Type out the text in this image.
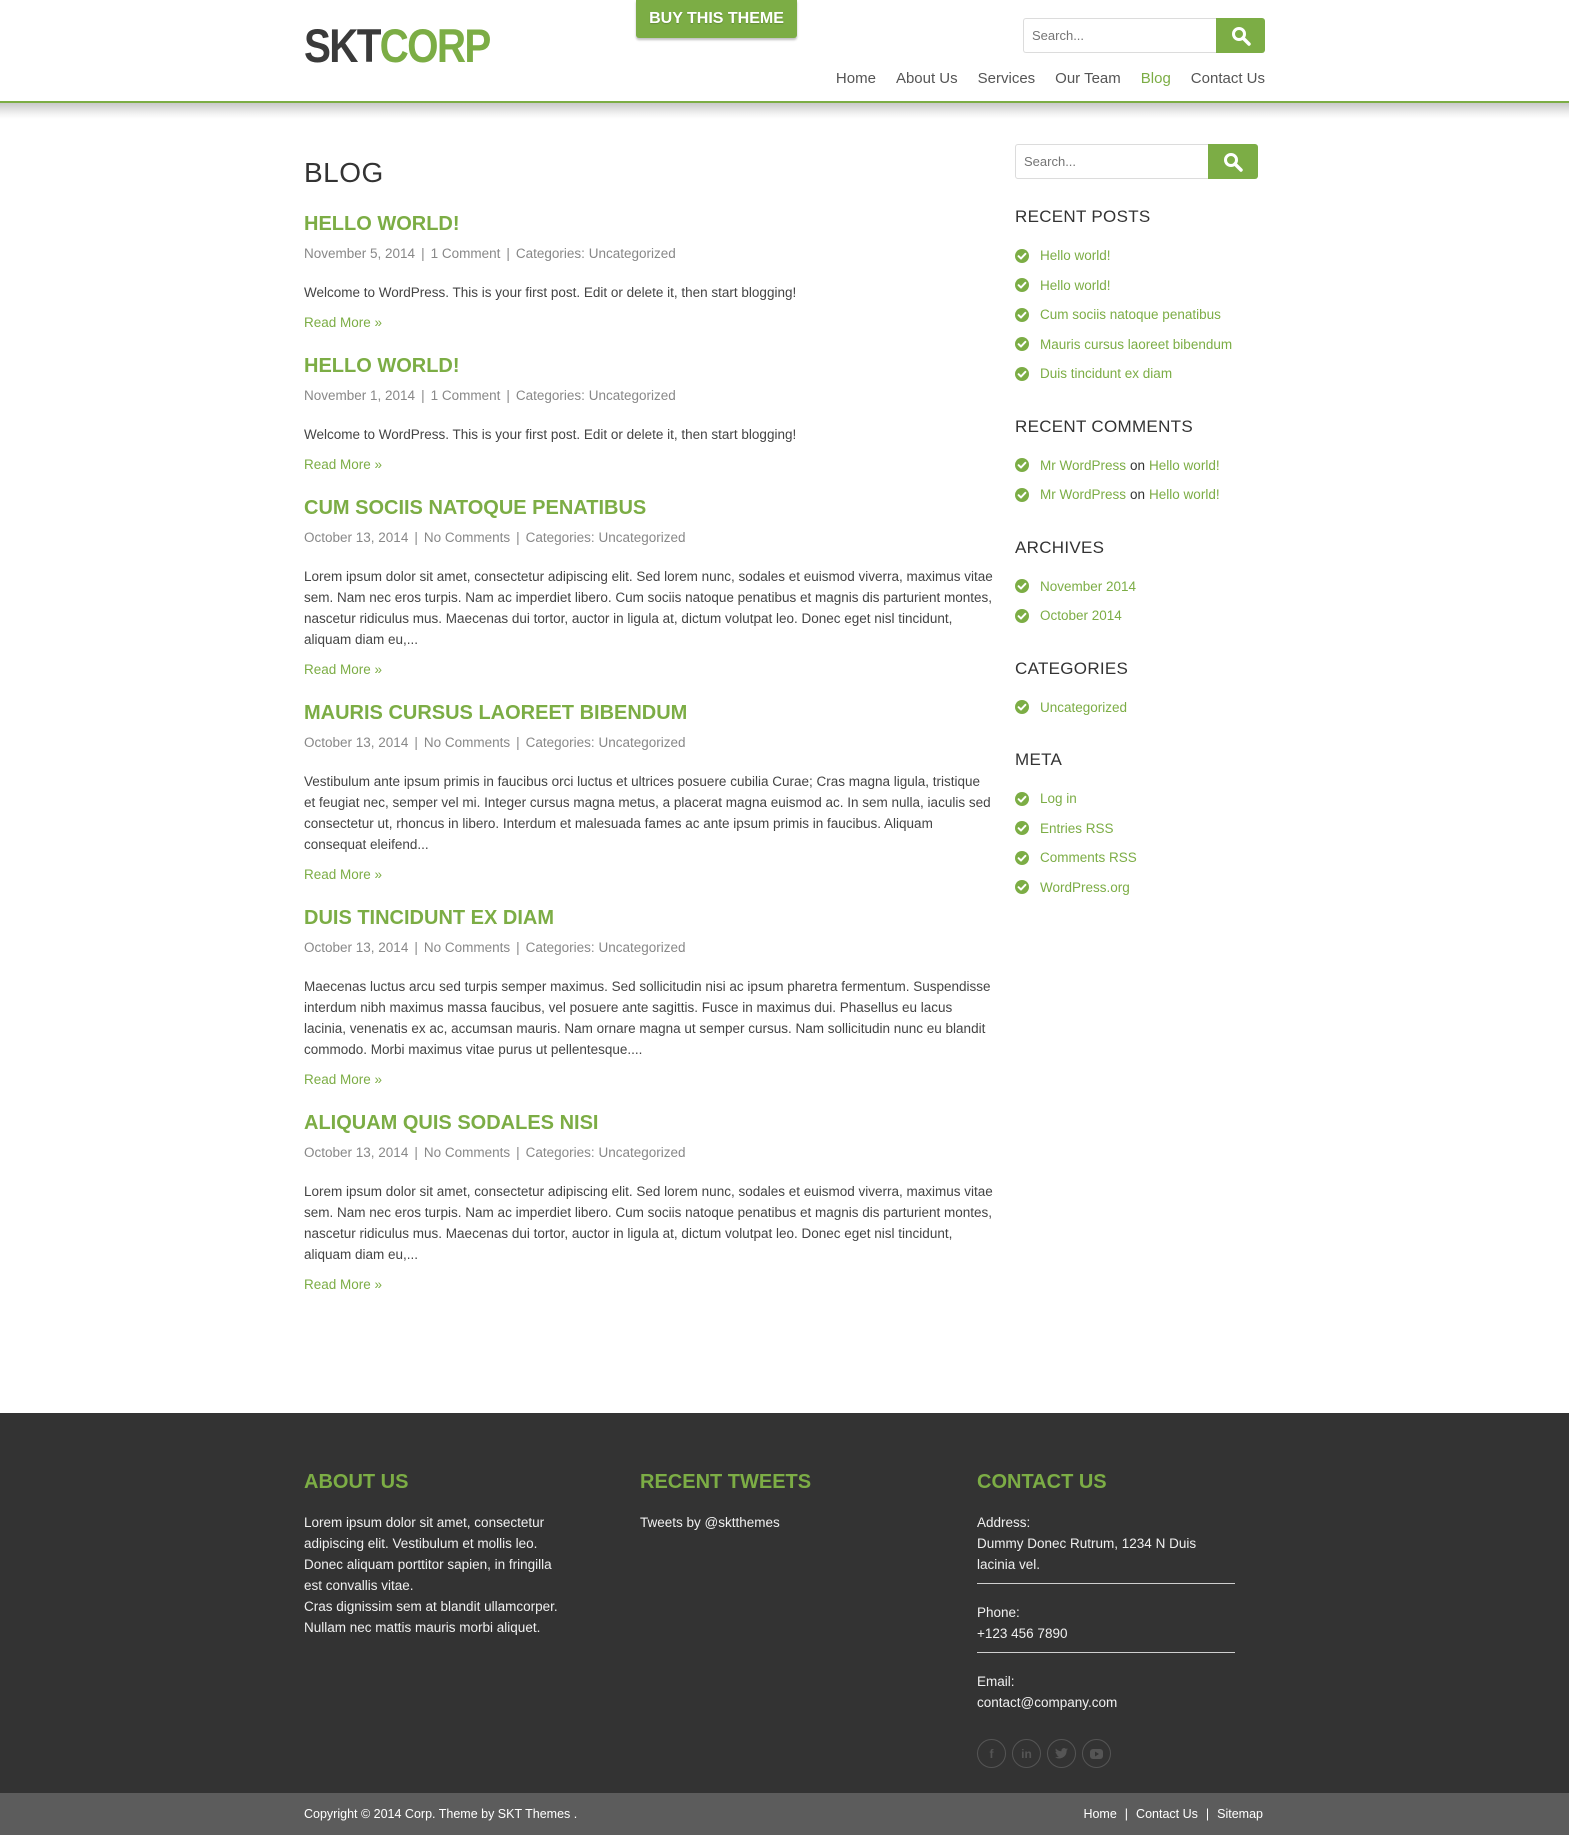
SKTCORP
BUY THIS THEME
Search...
Home About Us Services Our Team Blog Contact Us
BLOG
HELLO WORLD!
November 5, 2014 | 1 Comment | Categories: Uncategorized

Welcome to WordPress. This is your first post. Edit or delete it, then start blogging!

Read More »
HELLO WORLD!
November 1, 2014 | 1 Comment | Categories: Uncategorized

Welcome to WordPress. This is your first post. Edit or delete it, then start blogging!

Read More »
CUM SOCIIS NATOQUE PENATIBUS
October 13, 2014 | No Comments | Categories: Uncategorized

Lorem ipsum dolor sit amet, consectetur adipiscing elit. Sed lorem nunc, sodales et euismod viverra, maximus vitae sem. Nam nec eros turpis. Nam ac imperdiet libero. Cum sociis natoque penatibus et magnis dis parturient montes, nascetur ridiculus mus. Maecenas dui tortor, auctor in ligula at, dictum volutpat leo. Donec eget nisl tincidunt, aliquam diam eu,...

Read More »
MAURIS CURSUS LAOREET BIBENDUM
October 13, 2014 | No Comments | Categories: Uncategorized

Vestibulum ante ipsum primis in faucibus orci luctus et ultrices posuere cubilia Curae; Cras magna ligula, tristique et feugiat nec, semper vel mi. Integer cursus magna metus, a placerat magna euismod ac. In sem nulla, iaculis sed consectetur ut, rhoncus in libero. Interdum et malesuada fames ac ante ipsum primis in faucibus. Aliquam consequat eleifend...

Read More »
DUIS TINCIDUNT EX DIAM
October 13, 2014 | No Comments | Categories: Uncategorized

Maecenas luctus arcu sed turpis semper maximus. Sed sollicitudin nisi ac ipsum pharetra fermentum. Suspendisse interdum nibh maximus massa faucibus, vel posuere ante sagittis. Fusce in maximus dui. Phasellus eu lacus lacinia, venenatis ex ac, accumsan mauris. Nam ornare magna ut semper cursus. Nam sollicitudin nunc eu blandit commodo. Morbi maximus vitae purus ut pellentesque....

Read More »
ALIQUAM QUIS SODALES NISI
October 13, 2014 | No Comments | Categories: Uncategorized

Lorem ipsum dolor sit amet, consectetur adipiscing elit. Sed lorem nunc, sodales et euismod viverra, maximus vitae sem. Nam nec eros turpis. Nam ac imperdiet libero. Cum sociis natoque penatibus et magnis dis parturient montes, nascetur ridiculus mus. Maecenas dui tortor, auctor in ligula at, dictum volutpat leo. Donec eget nisl tincidunt, aliquam diam eu,...

Read More »
Search...
RECENT POSTS
Hello world!
Hello world!
Cum sociis natoque penatibus
Mauris cursus laoreet bibendum
Duis tincidunt ex diam
RECENT COMMENTS
Mr WordPress on Hello world!
Mr WordPress on Hello world!
ARCHIVES
November 2014
October 2014
CATEGORIES
Uncategorized
META
Log in
Entries RSS
Comments RSS
WordPress.org
ABOUT US

Lorem ipsum dolor sit amet, consectetur adipiscing elit. Vestibulum et mollis leo. Donec aliquam porttitor sapien, in fringilla est convallis vitae.

Cras dignissim sem at blandit ullamcorper. Nullam nec mattis mauris morbi aliquet.

RECENT TWEETS

Tweets by @sktthemes

CONTACT US

Address:

Dummy Donec Rutrum, 1234 N Duis lacinia vel.

Phone:

+123 456 7890

Email:

contact@company.com

f	in
Copyright © 2014 Corp. Theme by SKT Themes .	Home | Contact Us | Sitemap
